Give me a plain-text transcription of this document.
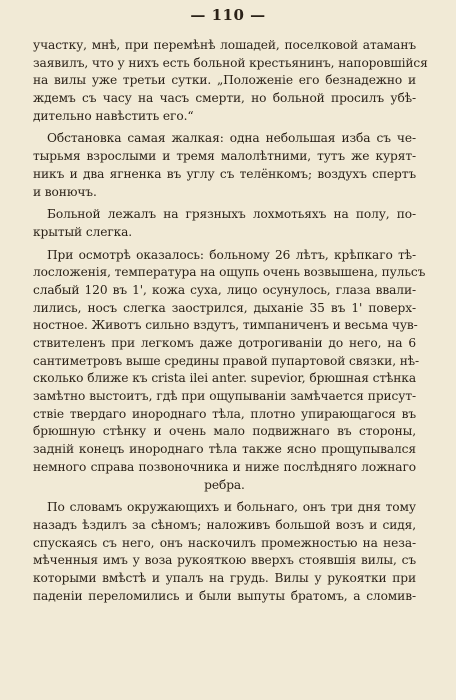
— 110 —
участку, мнѣ, при перемѣнѣ лошадей, поселковой атаманъ
заявилъ, что у нихъ есть больной крестьянинъ, напоровшійся
на вилы уже третьи сутки. „Положеніе его безнадежно и
ждемъ съ часу на часъ смерти, но больной просилъ убѣ-
дительно навѣстить его.“
Обстановка самая жалкая: одна небольшая изба съ че-
тырьмя взрослыми и тремя малолѣтними, тутъ же курят-
никъ и два ягненка въ углу съ телёнкомъ; воздухъ спертъ
и вонючъ.
Больной лежалъ на грязныхъ лохмотьяхъ на полу, по-
крытый слегка.
При осмотрѣ оказалось: больному 26 лѣтъ, крѣпкаго тѣ-
лосложенія, температура на ощупь очень возвышена, пульсъ
слабый 120 въ 1', кожа суха, лицо осунулось, глаза ввали-
лились, носъ слегка заострился, дыханіе 35 въ 1' поверх-
ностное. Животъ сильно вздутъ, тимпаниченъ и весьма чув-
ствителенъ при легкомъ даже дотрогиваніи до него, на 6
сантиметровъ выше средины правой пупартовой связки, нѣ-
сколько ближе къ crista ilei anter. supevior, брюшная стѣнка
замѣтно выстоитъ, гдѣ при ощупываніи замѣчается присут-
ствіе твердаго инороднаго тѣла, плотно упирающагося въ
брюшную стѣнку и очень мало подвижнаго въ стороны,
задній конецъ инороднаго тѣла также ясно прощупывался
немного справа позвоночника и ниже послѣдняго ложнаго
ребра.
По словамъ окружающихъ и больнаго, онъ три дня тому
назадъ ѣздилъ за сѣномъ; наложивъ большой возъ и сидя,
спускаясь съ него, онъ наскочилъ промежностью на неза-
мѣченныя имъ у воза рукояткою вверхъ стоявшія вилы, съ
которыми вмѣстѣ и упалъ на грудь. Вилы у рукоятки при
паденіи переломились и были выпуты братомъ, а сломив-
